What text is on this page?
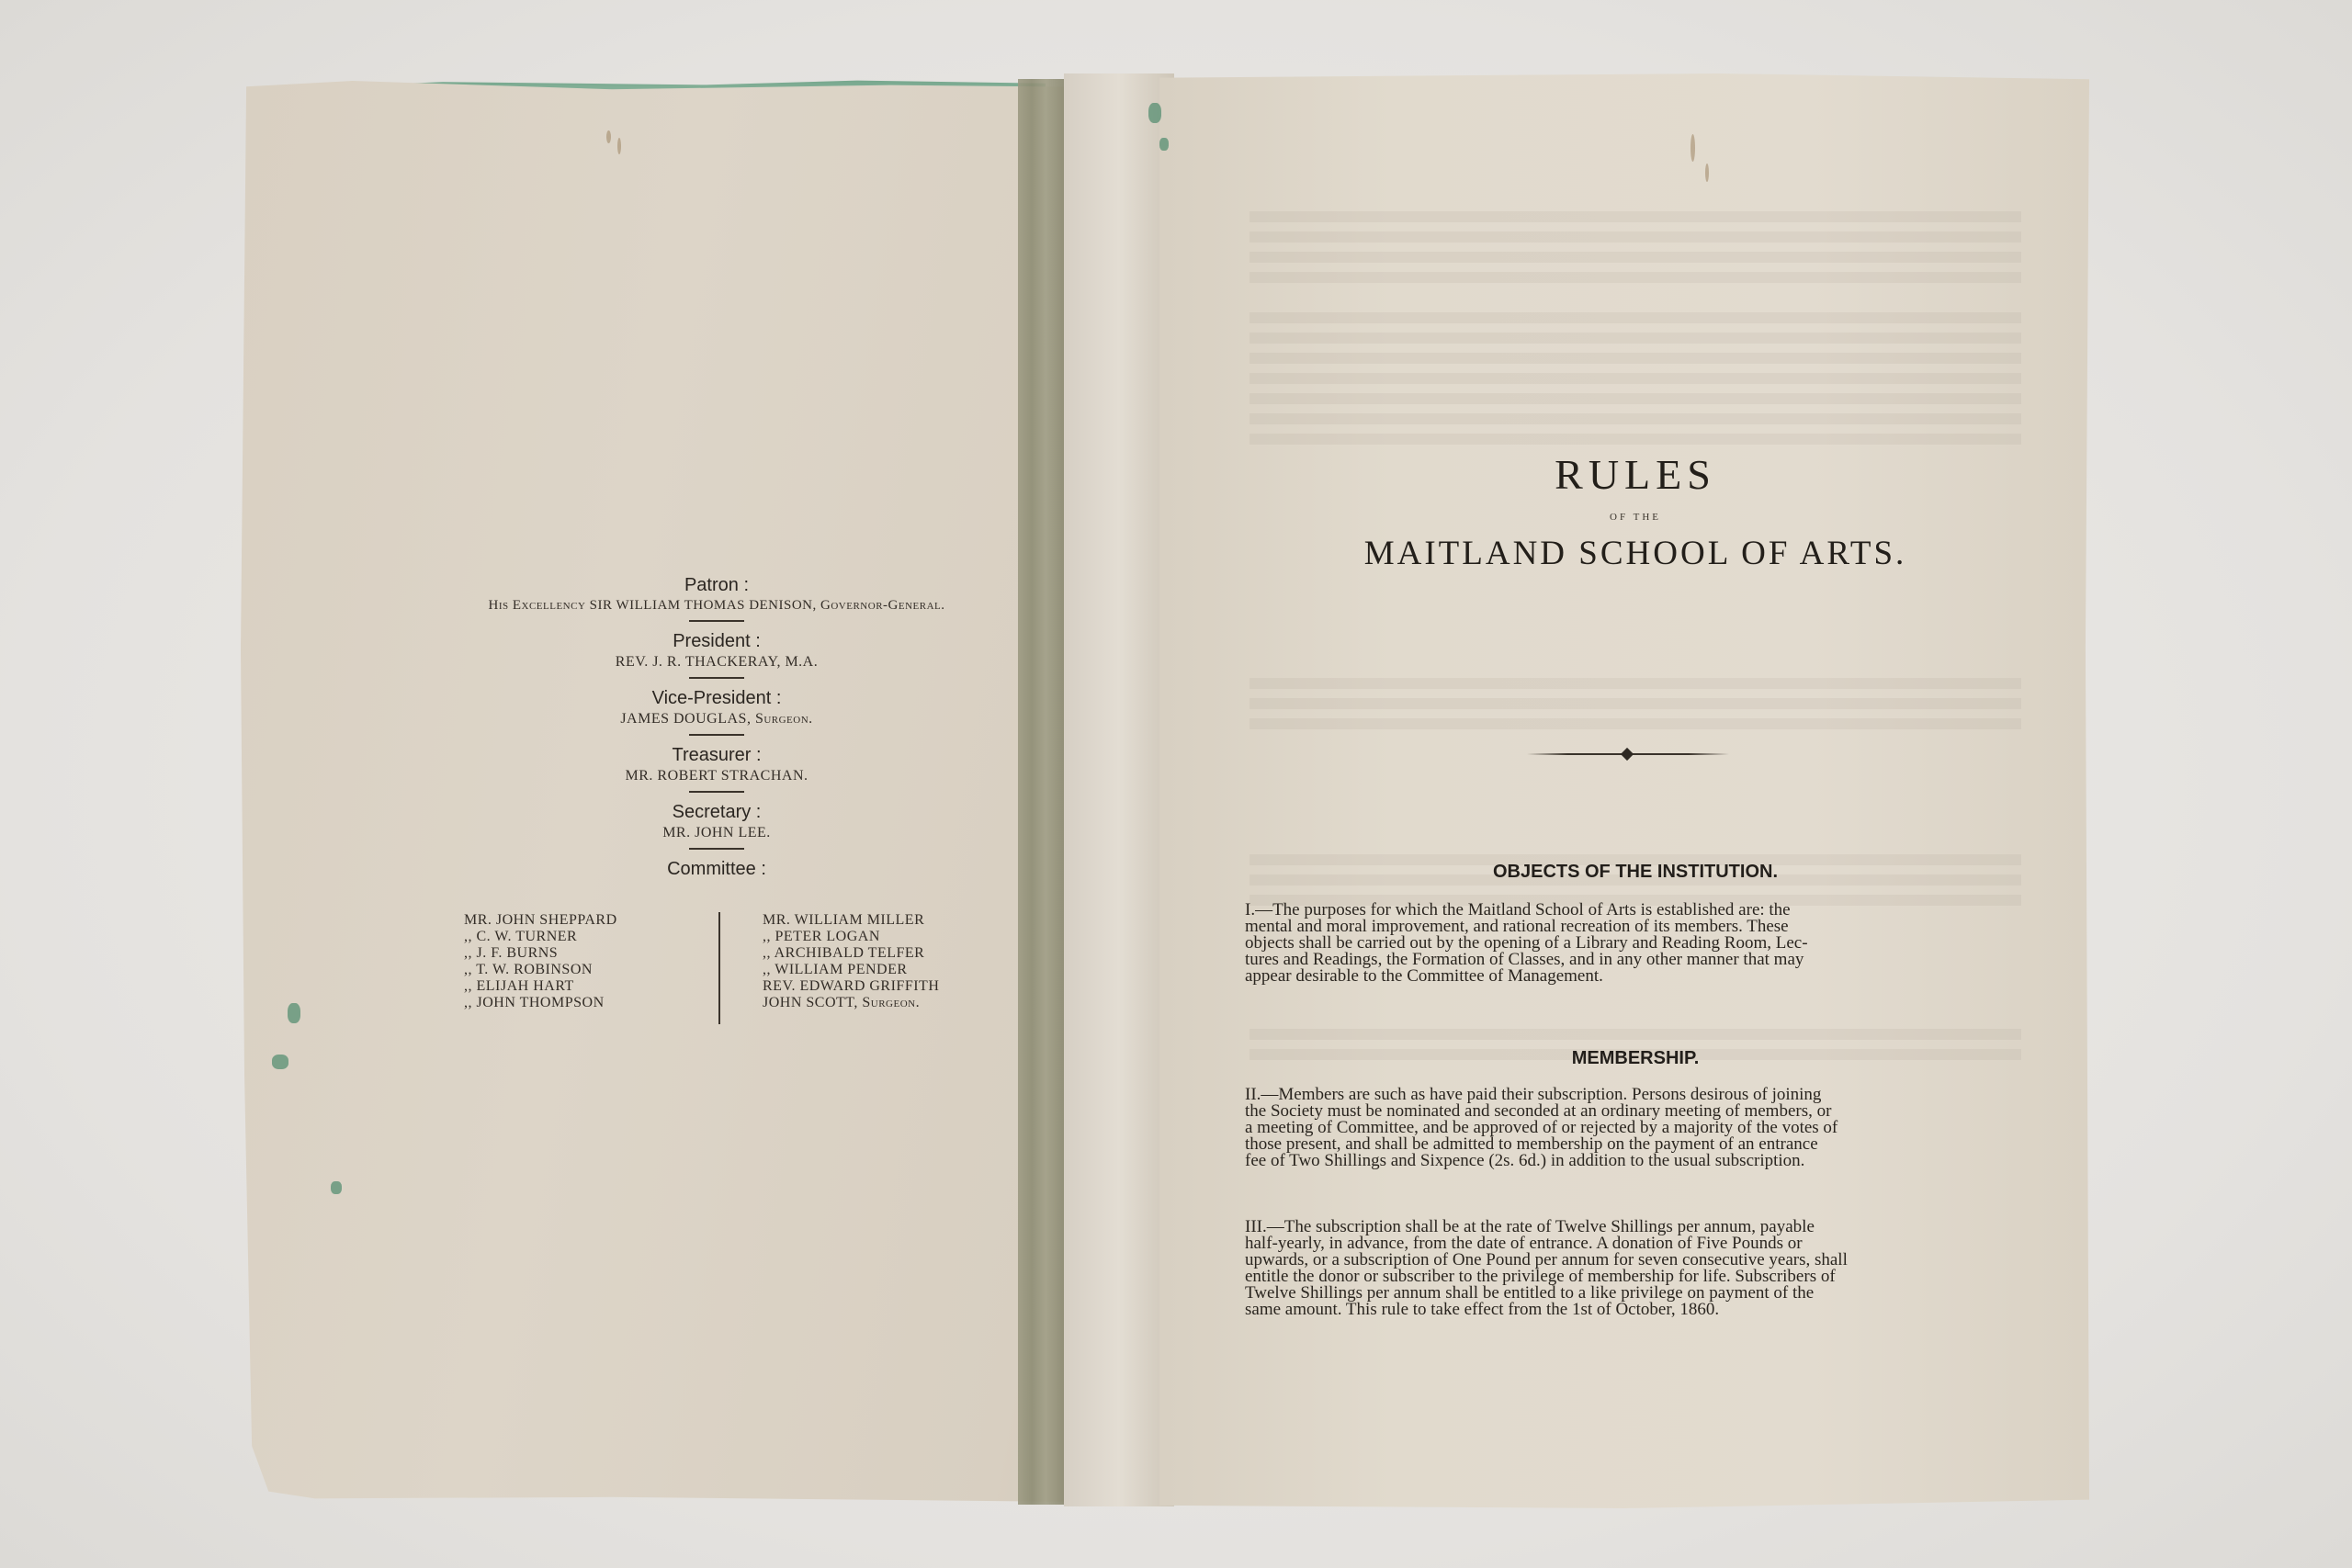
Patron :
His Excellency SIR WILLIAM THOMAS DENISON, Governor-General.
President :
REV. J. R. THACKERAY, M.A.
Vice-President :
JAMES DOUGLAS, Surgeon.
Treasurer :
MR. ROBERT STRACHAN.
Secretary :
MR. JOHN LEE.
Committee :
MR. JOHN SHEPPARD
,, C. W. TURNER
,, J. F. BURNS
,, T. W. ROBINSON
,, ELIJAH HART
,, JOHN THOMPSON
MR. WILLIAM MILLER
,, PETER LOGAN
,, ARCHIBALD TELFER
,, WILLIAM PENDER
REV. EDWARD GRIFFITH
JOHN SCOTT, Surgeon.
RULES
OF THE
MAITLAND SCHOOL OF ARTS.
OBJECTS OF THE INSTITUTION.
I.—The purposes for which the Maitland School of Arts is established are: the
mental and moral improvement, and rational recreation of its members. These
objects shall be carried out by the opening of a Library and Reading Room, Lec-
tures and Readings, the Formation of Classes, and in any other manner that may
appear desirable to the Committee of Management.
MEMBERSHIP.
II.—Members are such as have paid their subscription. Persons desirous of joining
the Society must be nominated and seconded at an ordinary meeting of members, or
a meeting of Committee, and be approved of or rejected by a majority of the votes of
those present, and shall be admitted to membership on the payment of an entrance
fee of Two Shillings and Sixpence (2s. 6d.) in addition to the usual subscription.
III.—The subscription shall be at the rate of Twelve Shillings per annum, payable
half-yearly, in advance, from the date of entrance. A donation of Five Pounds or
upwards, or a subscription of One Pound per annum for seven consecutive years, shall
entitle the donor or subscriber to the privilege of membership for life. Subscribers of
Twelve Shillings per annum shall be entitled to a like privilege on payment of the
same amount. This rule to take effect from the 1st of October, 1860.
